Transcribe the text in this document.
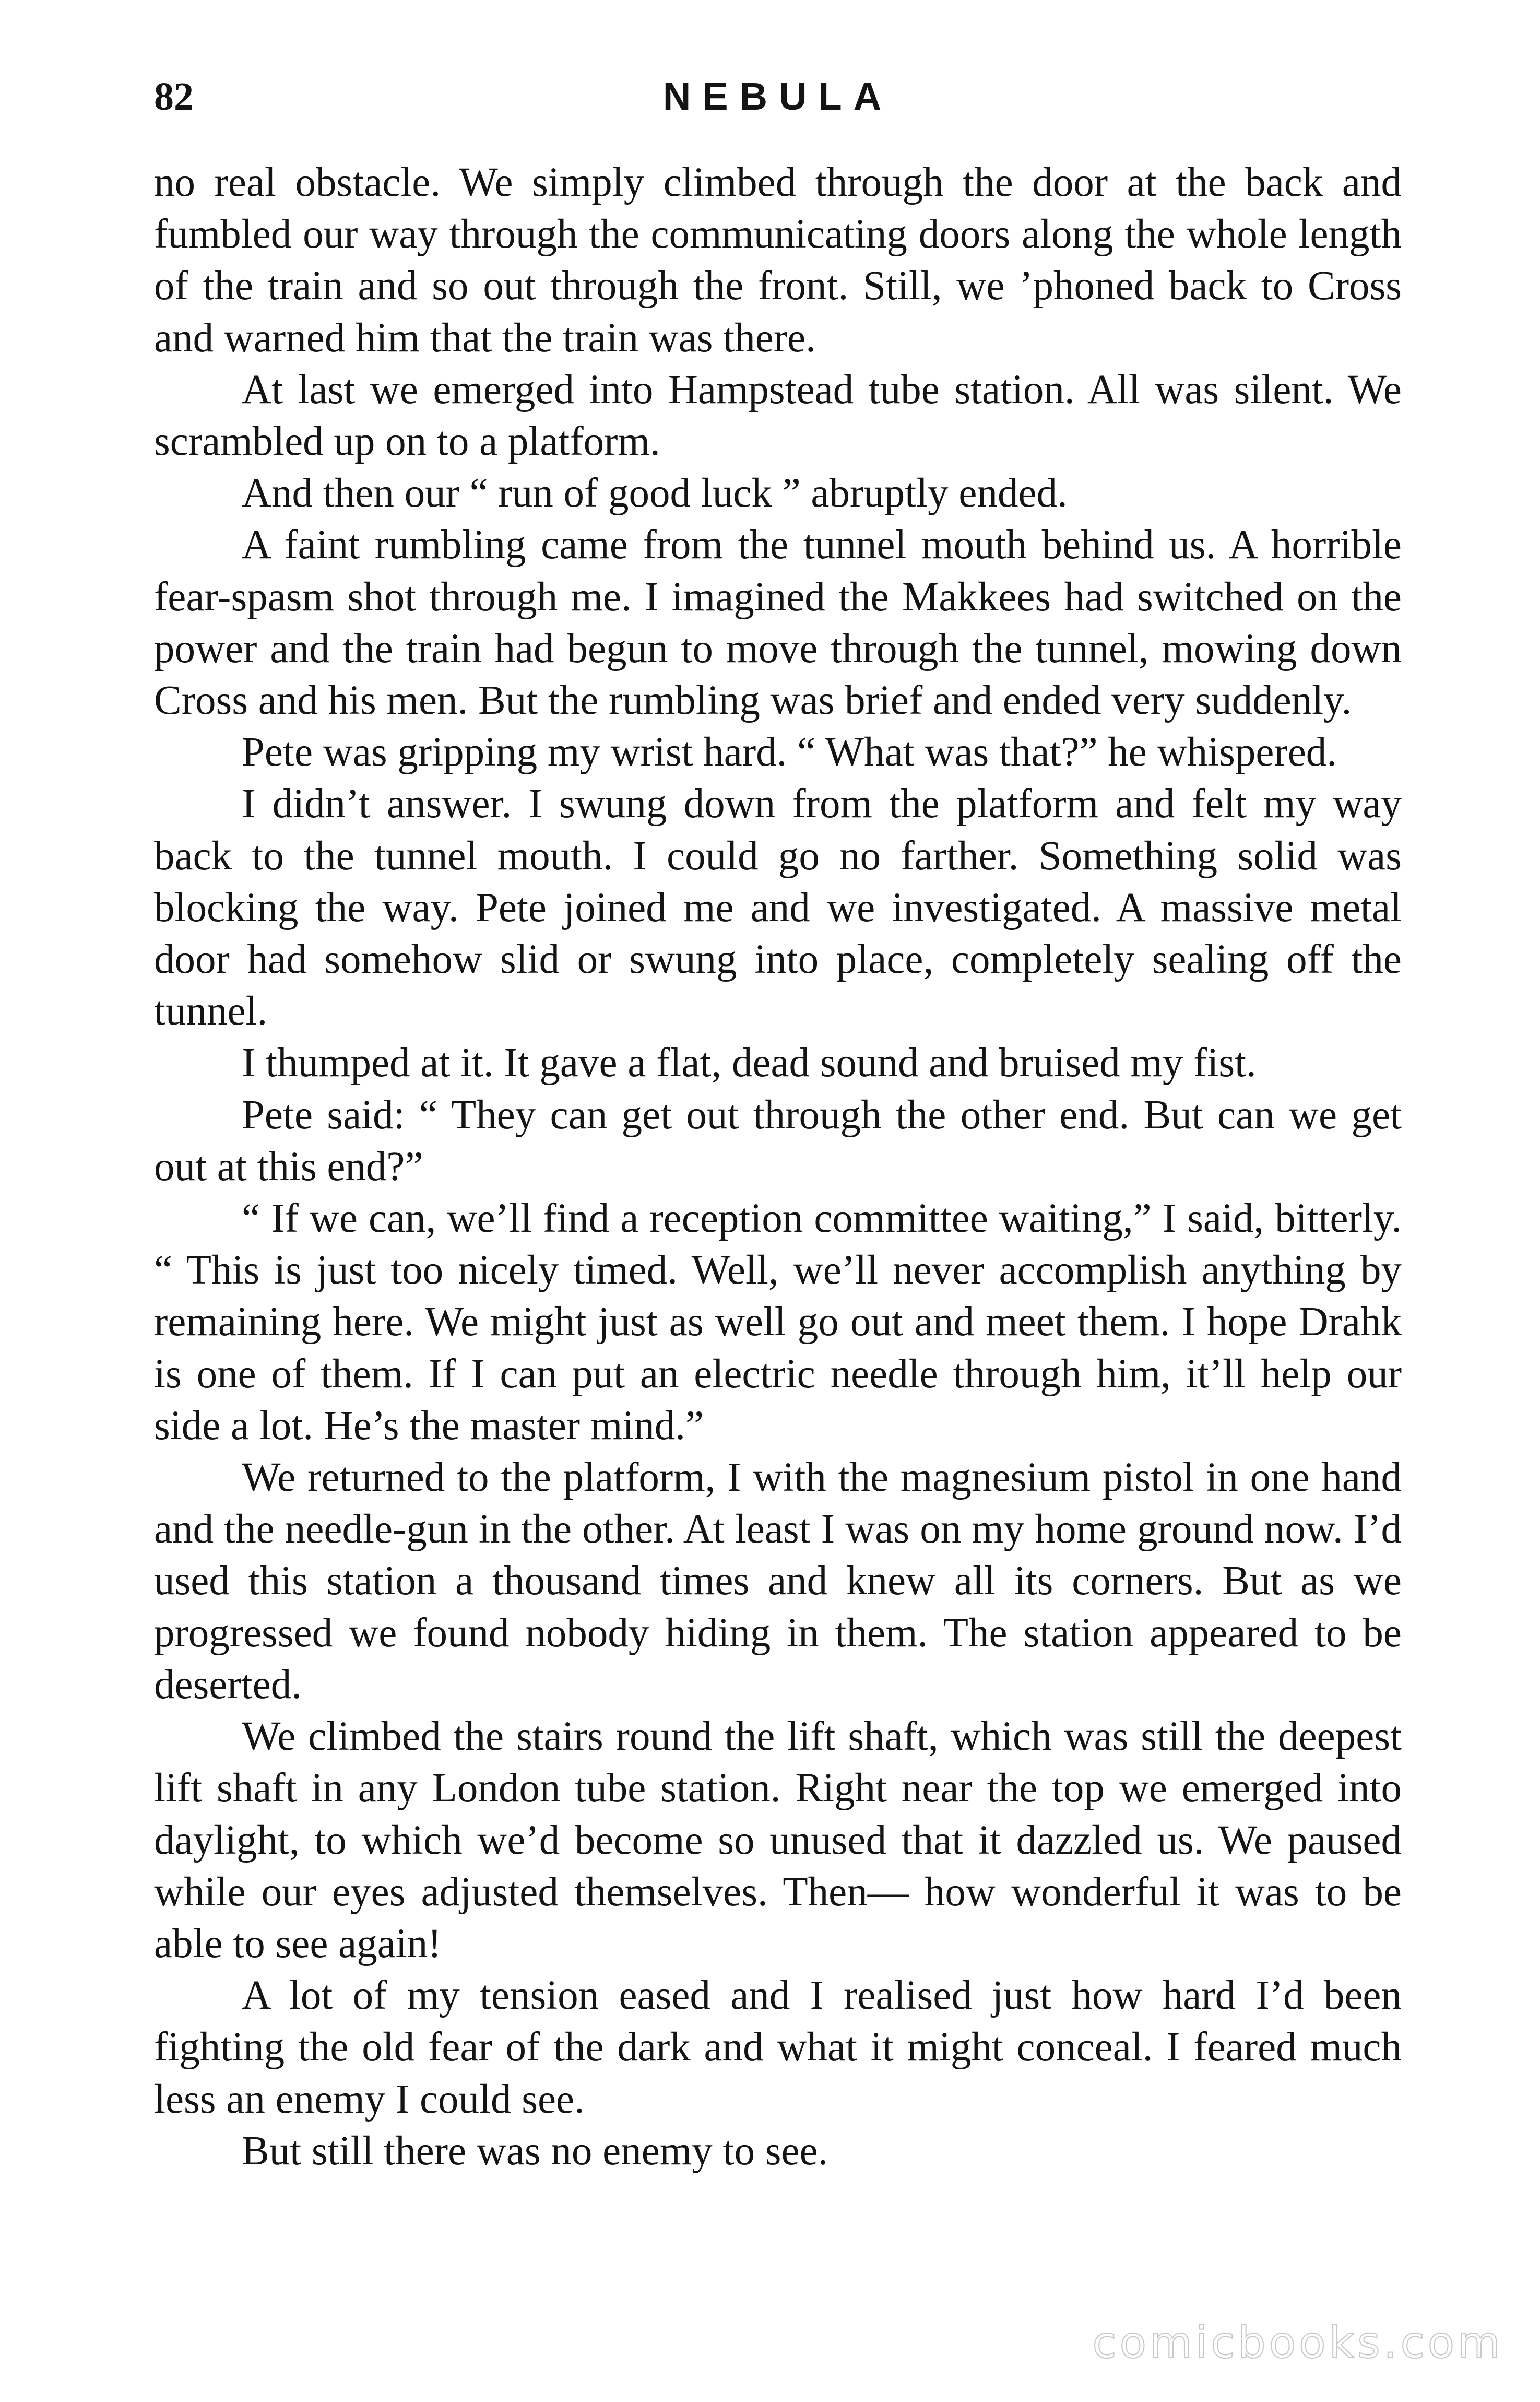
82	NEBULA

no real obstacle. We simply climbed through the door at the back and fumbled our way through the communicating doors along the whole length of the train and so out through the front. Still, we ’phoned back to Cross and warned him that the train was there.

At last we emerged into Hampstead tube station. All was silent. We scrambled up on to a platform.

And then our “ run of good luck ” abruptly ended.

A faint rumbling came from the tunnel mouth behind us. A horrible fear-spasm shot through me. I imagined the Makkees had switched on the power and the train had begun to move through the tunnel, mowing down Cross and his men. But the rumbling was brief and ended very suddenly.

Pete was gripping my wrist hard. “ What was that?” he whispered.

I didn’t answer. I swung down from the platform and felt my way back to the tunnel mouth. I could go no farther. Something solid was blocking the way. Pete joined me and we investigated. A massive metal door had somehow slid or swung into place, completely sealing off the tunnel.

I thumped at it. It gave a flat, dead sound and bruised my fist.

Pete said: “ They can get out through the other end. But can we get out at this end?”

“ If we can, we’ll find a reception committee waiting,” I said, bitterly. “ This is just too nicely timed. Well, we’ll never accomplish anything by remaining here. We might just as well go out and meet them. I hope Drahk is one of them. If I can put an electric needle through him, it’ll help our side a lot. He’s the master mind.”

We returned to the platform, I with the magnesium pistol in one hand and the needle-gun in the other. At least I was on my home ground now. I’d used this station a thousand times and knew all its corners. But as we progressed we found nobody hiding in them. The station appeared to be deserted.

We climbed the stairs round the lift shaft, which was still the deepest lift shaft in any London tube station. Right near the top we emerged into daylight, to which we’d become so unused that it dazzled us. We paused while our eyes adjusted themselves. Then— how wonderful it was to be able to see again!

A lot of my tension eased and I realised just how hard I’d been fighting the old fear of the dark and what it might conceal. I feared much less an enemy I could see.

But still there was no enemy to see.

comicbooks.com
